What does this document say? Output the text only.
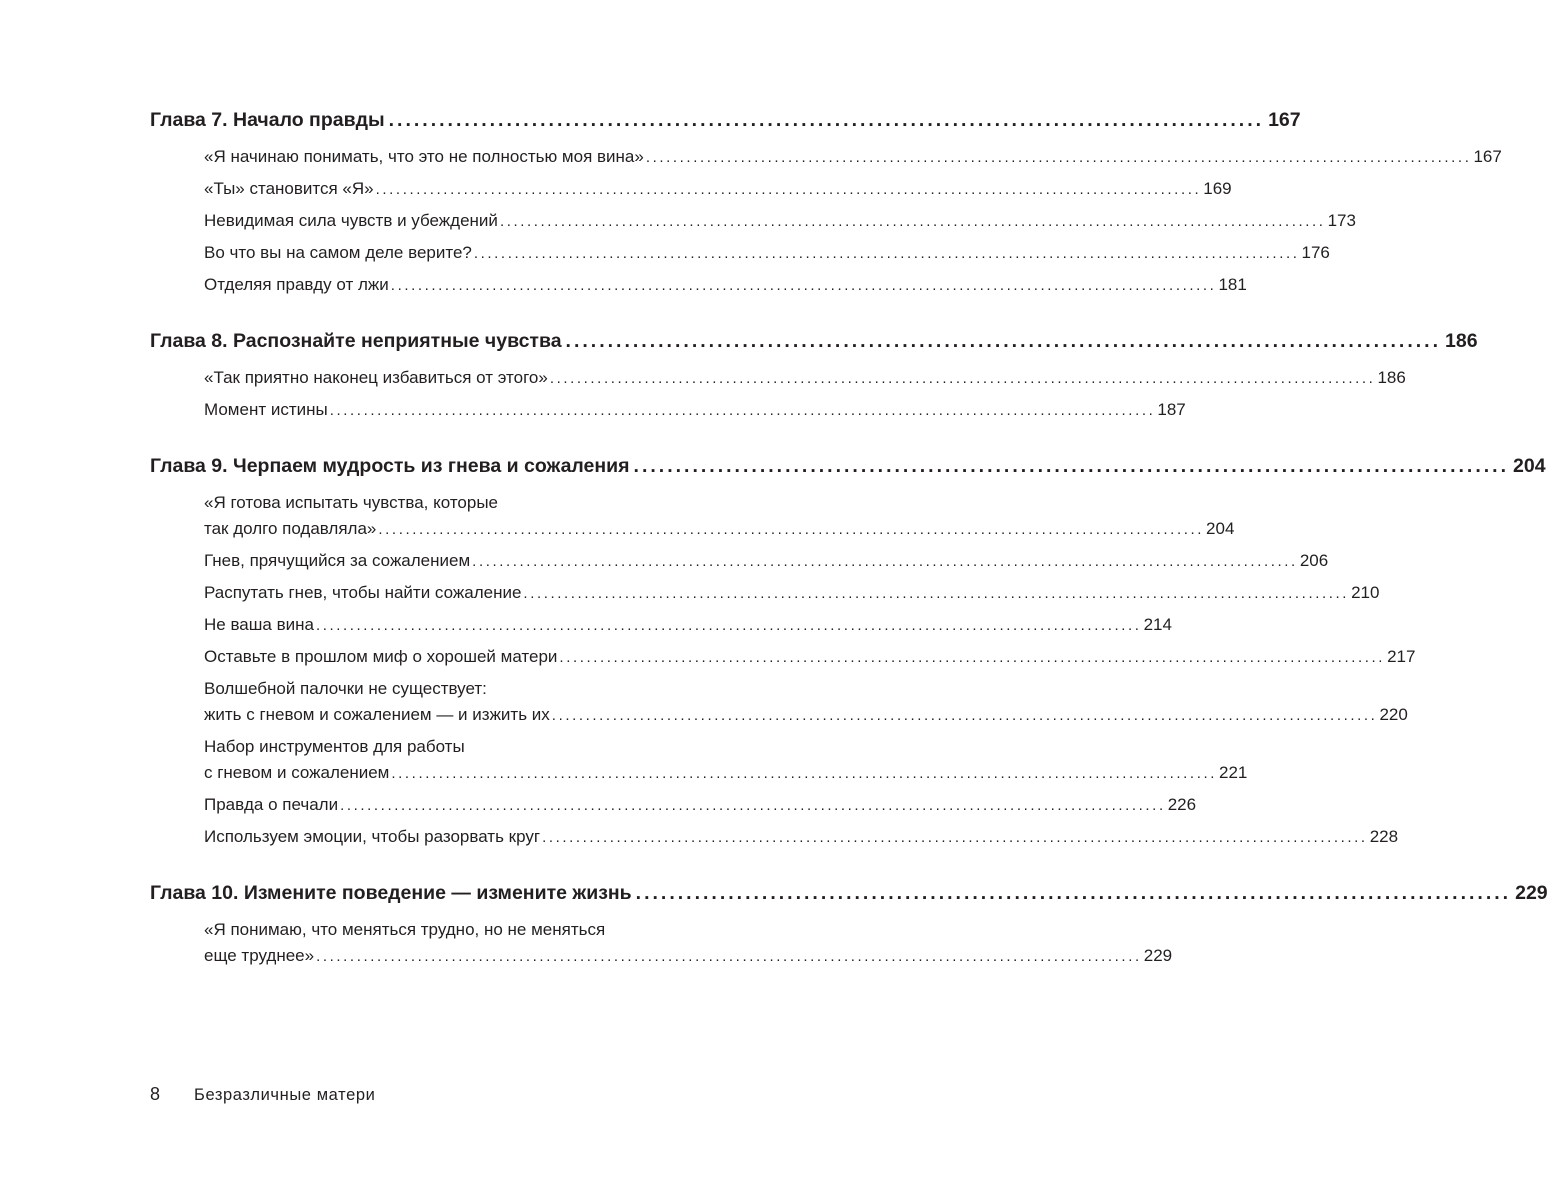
Глава 7. Начало правды ........................................................................................................ 167
«Я начинаю понимать, что это не полностью моя вина» .......................................................................................................................... 167
«Ты» становится «Я» .......................................................................................................................... 169
Невидимая сила чувств и убеждений .......................................................................................................................... 173
Во что вы на самом деле верите? .......................................................................................................................... 176
Отделяя правду от лжи .......................................................................................................................... 181
Глава 8. Распознайте неприятные чувства ........................................................................................................ 186
«Так приятно наконец избавиться от этого» .......................................................................................................................... 186
Момент истины .......................................................................................................................... 187
Глава 9. Черпаем мудрость из гнева и сожаления ........................................................................................................ 204
«Я готова испытать чувства, которые
так долго подавляла» .......................................................................................................................... 204
Гнев, прячущийся за сожалением .......................................................................................................................... 206
Распутать гнев, чтобы найти сожаление .......................................................................................................................... 210
Не ваша вина .......................................................................................................................... 214
Оставьте в прошлом миф о хорошей матери .......................................................................................................................... 217
Волшебной палочки не существует:
жить с гневом и сожалением — и изжить их .......................................................................................................................... 220
Набор инструментов для работы
с гневом и сожалением .......................................................................................................................... 221
Правда о печали .......................................................................................................................... 226
Используем эмоции, чтобы разорвать круг .......................................................................................................................... 228
Глава 10. Измените поведение — измените жизнь ........................................................................................................ 229
«Я понимаю, что меняться трудно, но не меняться
еще труднее» .......................................................................................................................... 229
8 Безразличные матери
